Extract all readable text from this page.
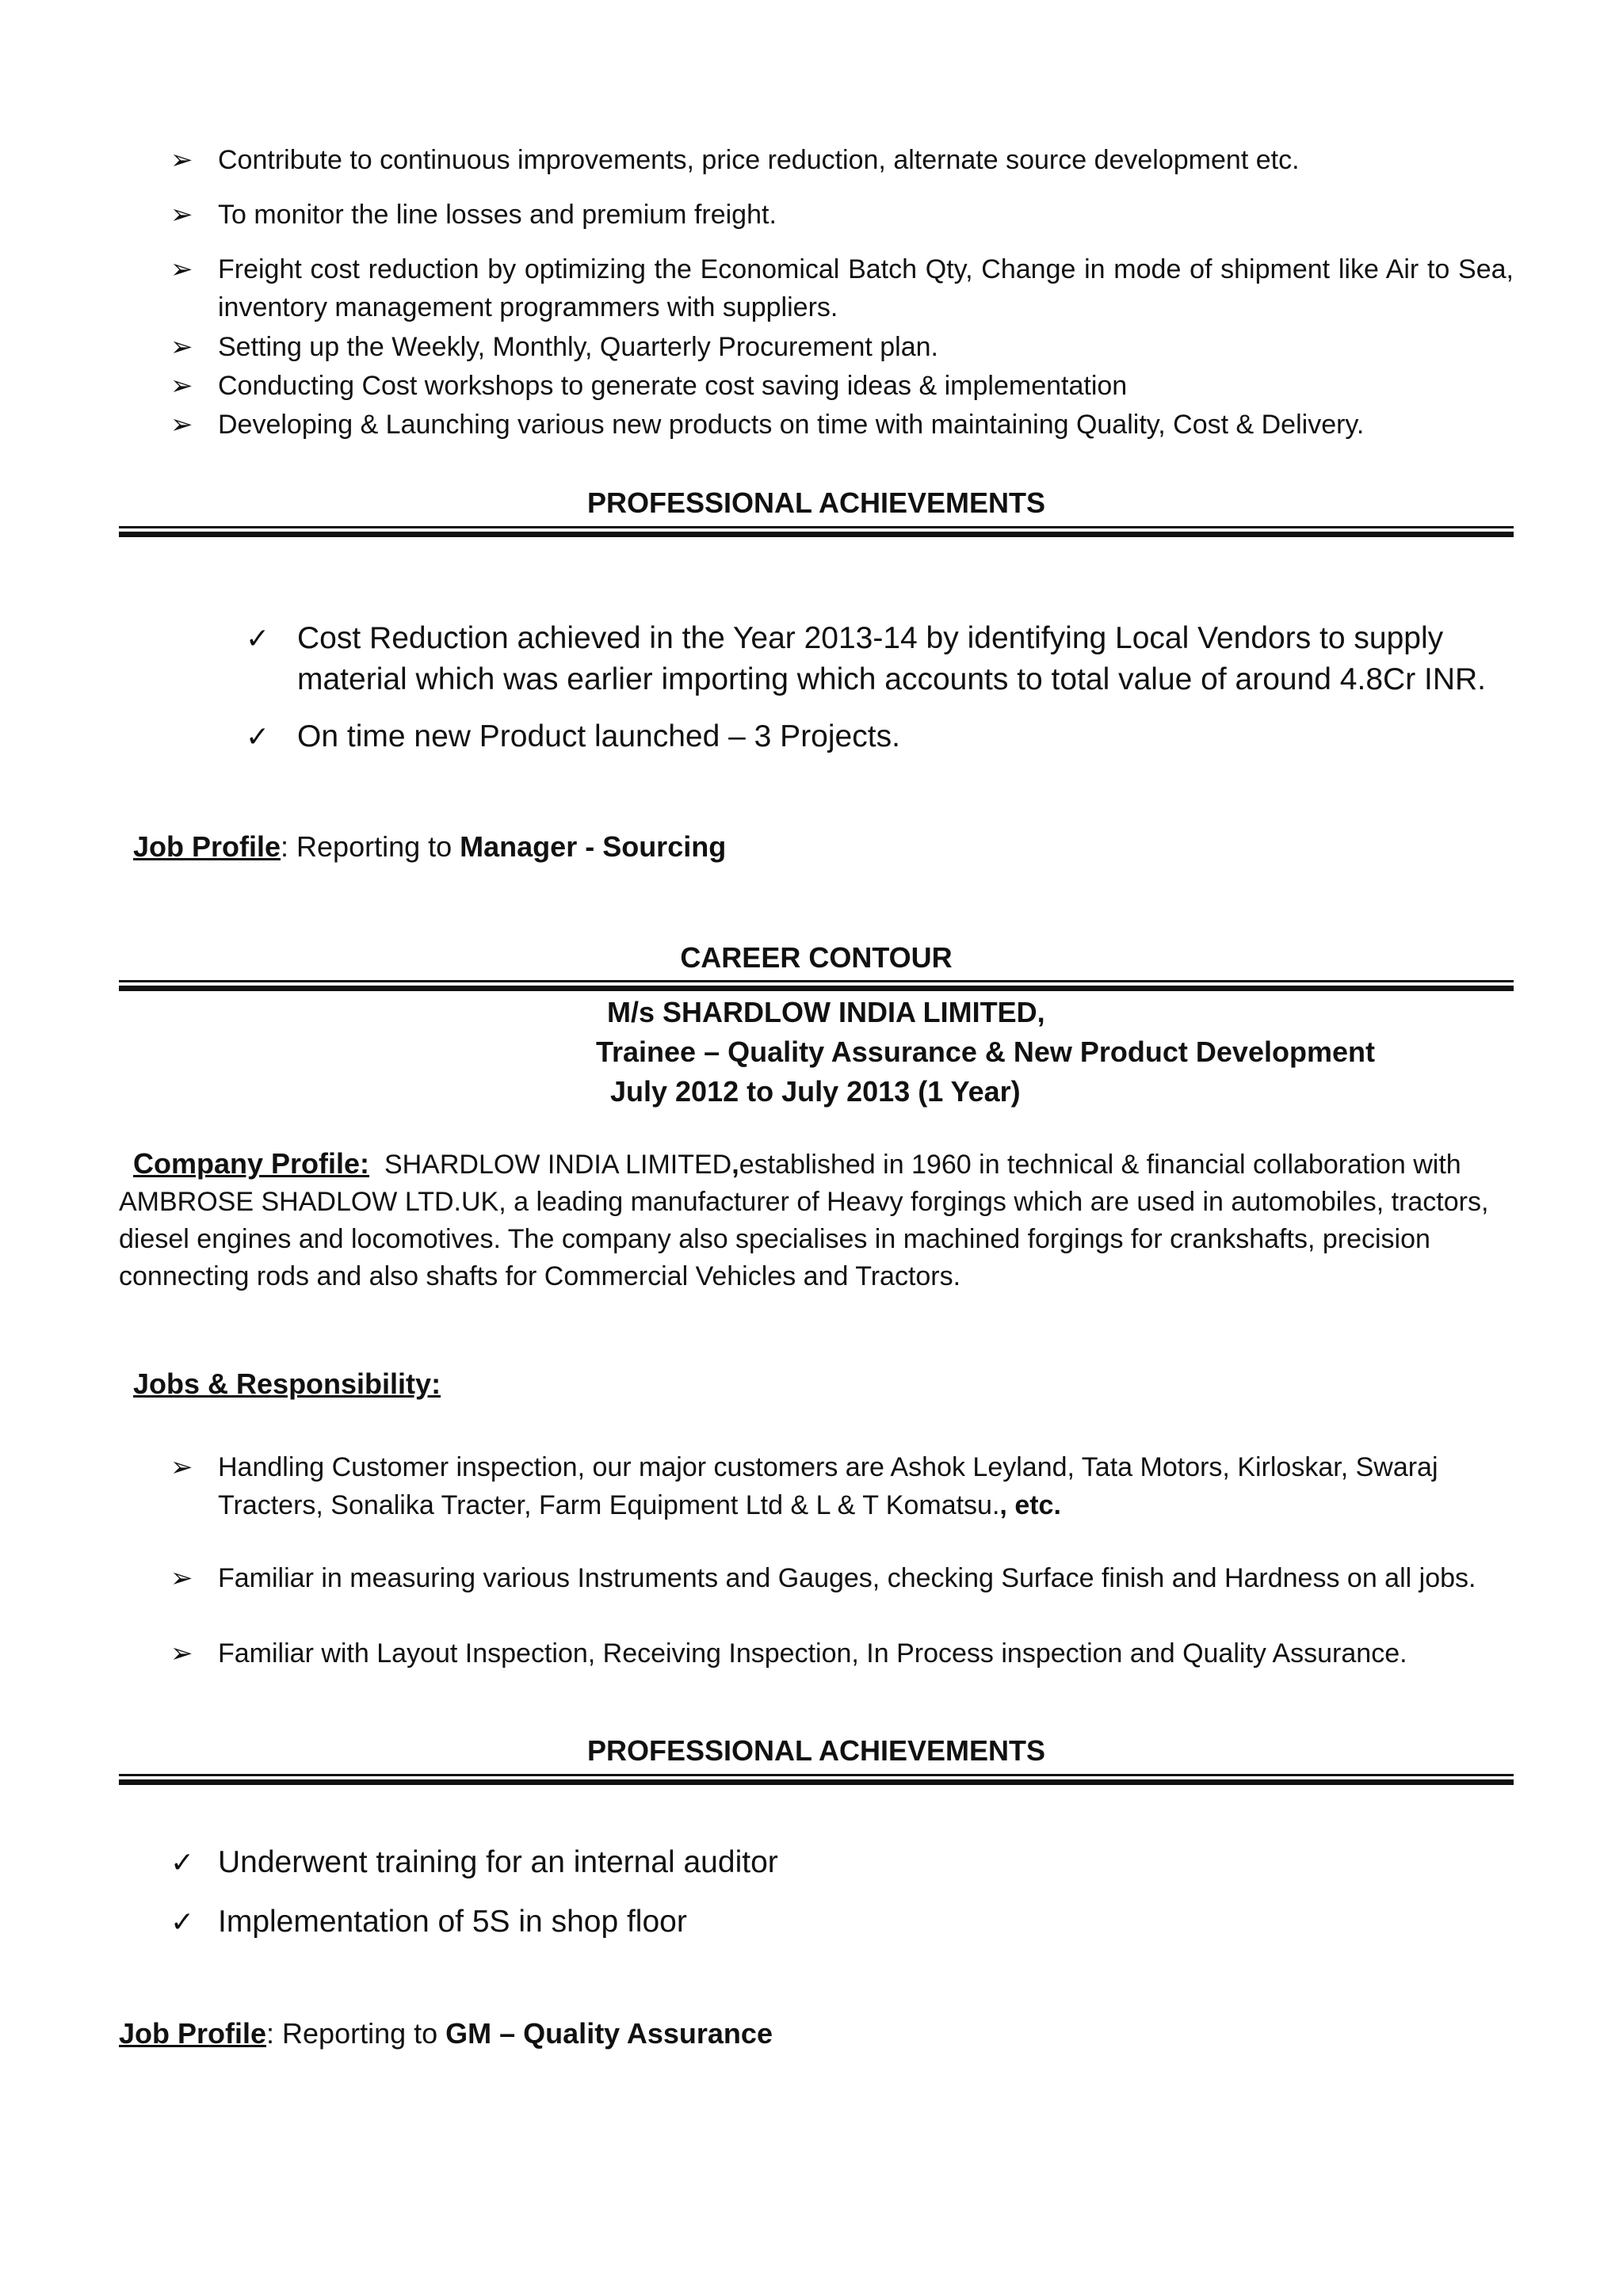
➢ Contribute to continuous improvements, price reduction, alternate source development etc.
➢ To monitor the line losses and premium freight.
➢ Freight cost reduction by optimizing the Economical Batch Qty, Change in mode of shipment like Air to Sea, inventory management programmers with suppliers.
➢ Setting up the Weekly, Monthly, Quarterly Procurement plan.
➢ Conducting Cost workshops to generate cost saving ideas & implementation
➢ Developing & Launching various new products on time with maintaining Quality, Cost & Delivery.
PROFESSIONAL ACHIEVEMENTS
✓ Cost Reduction achieved in the Year 2013-14 by identifying Local Vendors to supply material which was earlier importing which accounts to total value of around 4.8Cr INR.
✓ On time new Product launched – 3 Projects.
Job Profile: Reporting to Manager - Sourcing
CAREER CONTOUR
M/s SHARDLOW INDIA LIMITED,
Trainee – Quality Assurance & New Product Development
July 2012 to July 2013 (1 Year)
Company Profile: SHARDLOW INDIA LIMITED,established in 1960 in technical & financial collaboration with AMBROSE SHADLOW LTD.UK, a leading manufacturer of Heavy forgings which are used in automobiles, tractors, diesel engines and locomotives. The company also specialises in machined forgings for crankshafts, precision connecting rods and also shafts for Commercial Vehicles and Tractors.
Jobs & Responsibility:
➢ Handling Customer inspection, our major customers are Ashok Leyland, Tata Motors, Kirloskar, Swaraj Tracters, Sonalika Tracter, Farm Equipment Ltd & L & T Komatsu., etc.
➢ Familiar in measuring various Instruments and Gauges, checking Surface finish and Hardness on all jobs.
➢ Familiar with Layout Inspection, Receiving Inspection, In Process inspection and Quality Assurance.
PROFESSIONAL ACHIEVEMENTS
✓ Underwent training for an internal auditor
✓ Implementation of 5S in shop floor
Job Profile: Reporting to GM – Quality Assurance
